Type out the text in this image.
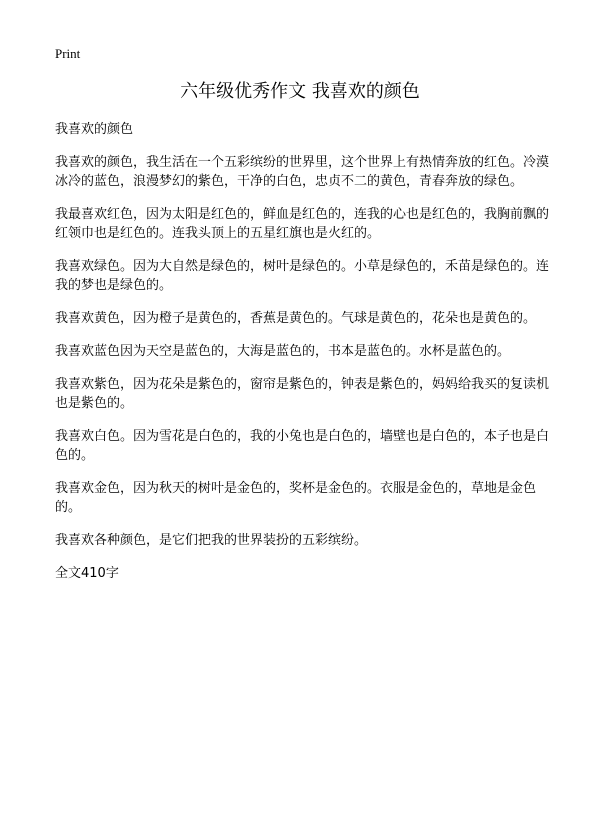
Print
六年级优秀作文 我喜欢的颜色

我喜欢的颜色

我喜欢的颜色，我生活在一个五彩缤纷的世界里，这个世界上有热情奔放的红色。冷漠冰冷的蓝色，浪漫梦幻的紫色，干净的白色，忠贞不二的黄色，青春奔放的绿色。

我最喜欢红色，因为太阳是红色的，鲜血是红色的，连我的心也是红色的，我胸前飘的红领巾也是红色的。连我头顶上的五星红旗也是火红的。

我喜欢绿色。因为大自然是绿色的，树叶是绿色的。小草是绿色的，禾苗是绿色的。连我的梦也是绿色的。

我喜欢黄色，因为橙子是黄色的，香蕉是黄色的。气球是黄色的，花朵也是黄色的。

我喜欢蓝色因为天空是蓝色的，大海是蓝色的，书本是蓝色的。水杯是蓝色的。

我喜欢紫色，因为花朵是紫色的，窗帘是紫色的，钟表是紫色的，妈妈给我买的复读机也是紫色的。

我喜欢白色。因为雪花是白色的，我的小兔也是白色的，墙壁也是白色的，本子也是白色的。

我喜欢金色，因为秋天的树叶是金色的，奖杯是金色的。衣服是金色的，草地是金色的。

我喜欢各种颜色，是它们把我的世界装扮的五彩缤纷。

全文410字
